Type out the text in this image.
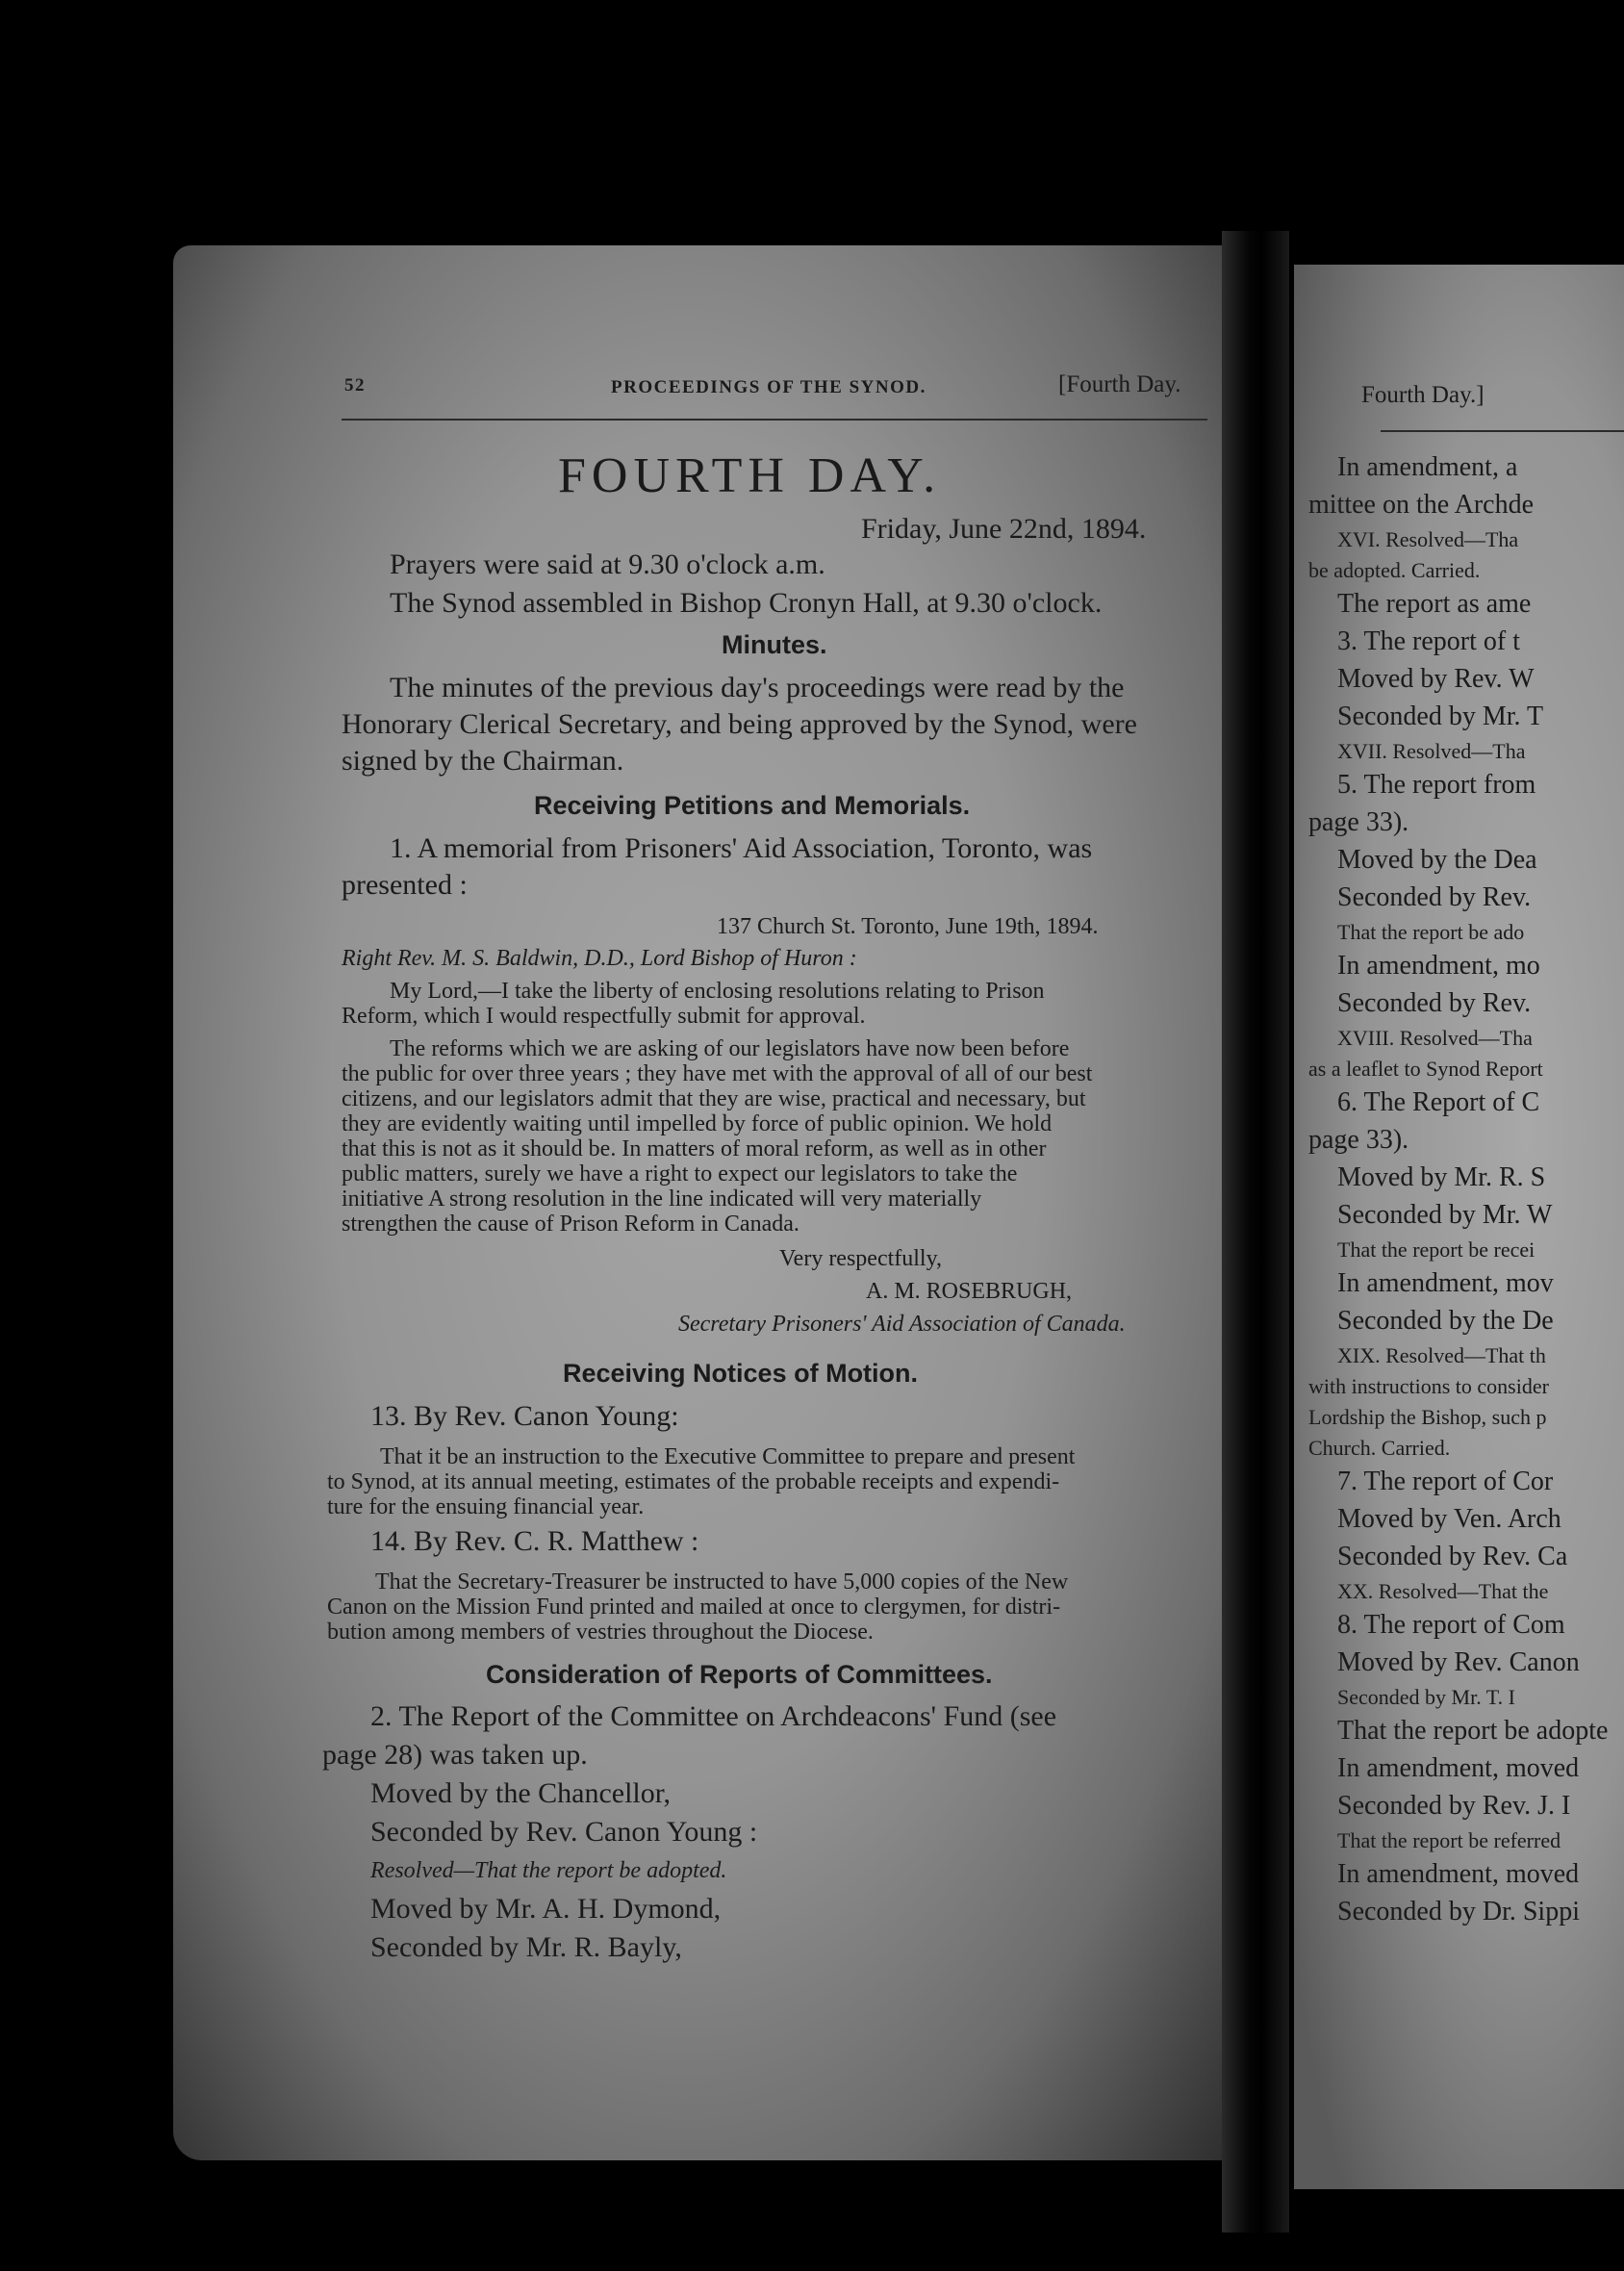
52	PROCEEDINGS OF THE SYNOD.	[Fourth Day.
FOURTH DAY.
Friday, June 22nd, 1894.
Prayers were said at 9.30 o'clock a.m.
The Synod assembled in Bishop Cronyn Hall, at 9.30 o'clock.
Minutes.
The minutes of the previous day's proceedings were read by the
Honorary Clerical Secretary, and being approved by the Synod, were
signed by the Chairman.
Receiving Petitions and Memorials.
1. A memorial from Prisoners' Aid Association, Toronto, was
presented :
137 Church St. Toronto, June 19th, 1894.
Right Rev. M. S. Baldwin, D.D., Lord Bishop of Huron :
My Lord,—I take the liberty of enclosing resolutions relating to Prison
Reform, which I would respectfully submit for approval.
The reforms which we are asking of our legislators have now been before
the public for over three years ; they have met with the approval of all of our best
citizens, and our legislators admit that they are wise, practical and necessary, but
they are evidently waiting until impelled by force of public opinion. We hold
that this is not as it should be. In matters of moral reform, as well as in other
public matters, surely we have a right to expect our legislators to take the
initiative A strong resolution in the line indicated will very materially
strengthen the cause of Prison Reform in Canada.
Very respectfully,
A. M. ROSEBRUGH,
Secretary Prisoners' Aid Association of Canada.
Receiving Notices of Motion.
13. By Rev. Canon Young:
That it be an instruction to the Executive Committee to prepare and present
to Synod, at its annual meeting, estimates of the probable receipts and expendi-
ture for the ensuing financial year.
14. By Rev. C. R. Matthew :
That the Secretary-Treasurer be instructed to have 5,000 copies of the New
Canon on the Mission Fund printed and mailed at once to clergymen, for distri-
bution among members of vestries throughout the Diocese.
Consideration of Reports of Committees.
2. The Report of the Committee on Archdeacons' Fund (see
page 28) was taken up.
Moved by the Chancellor,
Seconded by Rev. Canon Young :
Resolved—That the report be adopted.
Moved by Mr. A. H. Dymond,
Seconded by Mr. R. Bayly,
Fourth Day.]
In amendment, a
mittee on the Archde
XVI. Resolved—Tha
be adopted. Carried.
The report as ame
3. The report of t
Moved by Rev. W
Seconded by Mr. T
XVII. Resolved—Tha
5. The report from
page 33).
Moved by the Dea
Seconded by Rev.
That the report be ado
In amendment, mo
Seconded by Rev.
XVIII. Resolved—Tha
as a leaflet to Synod Report
6. The Report of C
page 33).
Moved by Mr. R. S
Seconded by Mr. W
That the report be recei
In amendment, mov
Seconded by the De
XIX. Resolved—That th
with instructions to consider
Lordship the Bishop, such p
Church. Carried.
7. The report of Cor
Moved by Ven. Arch
Seconded by Rev. Ca
XX. Resolved—That the
8. The report of Com
Moved by Rev. Canon
Seconded by Mr. T. I
That the report be adopte
In amendment, moved
Seconded by Rev. J. I
That the report be referred
In amendment, moved
Seconded by Dr. Sippi
